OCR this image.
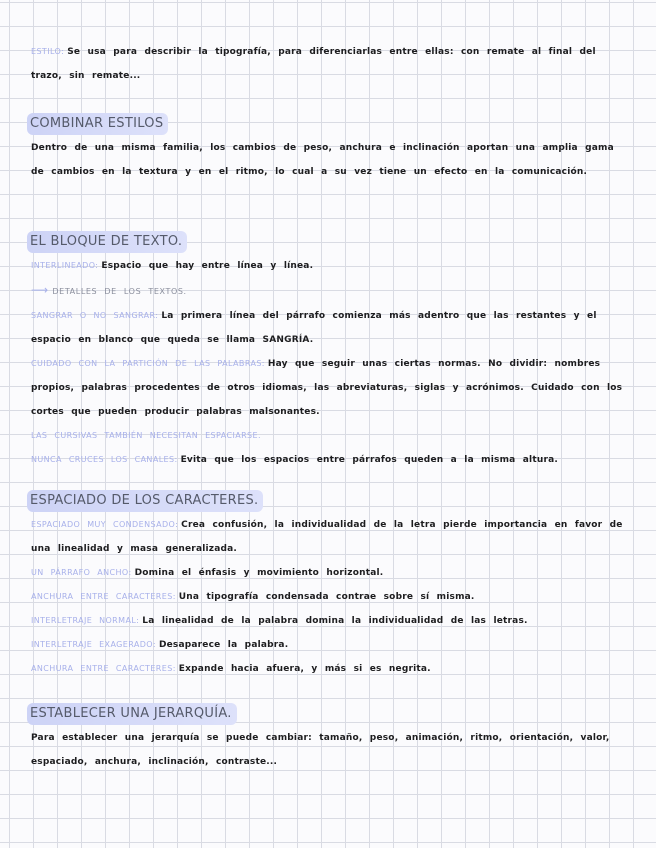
ESTILO: Se usa para describir la tipografía, para diferenciarlas entre ellas: con remate al final del trazo, sin remate...

COMBINAR ESTILOS

Dentro de una misma familia, los cambios de peso, anchura e inclinación aportan una amplia gama de cambios en la textura y en el ritmo, lo cual a su vez tiene un efecto en la comunicación.

EL BLOQUE DE TEXTO.

INTERLINEADO: Espacio que hay entre línea y línea.

⟶ DETALLES DE LOS TEXTOS.

SANGRAR O NO SANGRAR: La primera línea del párrafo comienza más adentro que las restantes y el espacio en blanco que queda se llama SANGRÍA.

CUIDADO CON LA PARTICIÓN DE LAS PALABRAS: Hay que seguir unas ciertas normas. No dividir: nombres propios, palabras procedentes de otros idiomas, las abreviaturas, siglas y acrónimos. Cuidado con los cortes que pueden producir palabras malsonantes.

LAS CURSIVAS TAMBIÉN NECESITAN ESPACIARSE.

NUNCA CRUCES LOS CANALES: Evita que los espacios entre párrafos queden a la misma altura.

ESPACIADO DE LOS CARACTERES.

ESPACIADO MUY CONDENSADO: Crea confusión, la individualidad de la letra pierde importancia en favor de una linealidad y masa generalizada.

UN PÁRRAFO ANCHO: Domina el énfasis y movimiento horizontal.

ANCHURA ENTRE CARACTERES: Una tipografía condensada contrae sobre sí misma.

INTERLETRAJE NORMAL: La linealidad de la palabra domina la individualidad de las letras.

INTERLETRAJE EXAGERADO: Desaparece la palabra.

ANCHURA ENTRE CARACTERES: Expande hacia afuera, y más si es negrita.

ESTABLECER UNA JERARQUÍA.

Para establecer una jerarquía se puede cambiar: tamaño, peso, animación, ritmo, orientación, valor, espaciado, anchura, inclinación, contraste...
